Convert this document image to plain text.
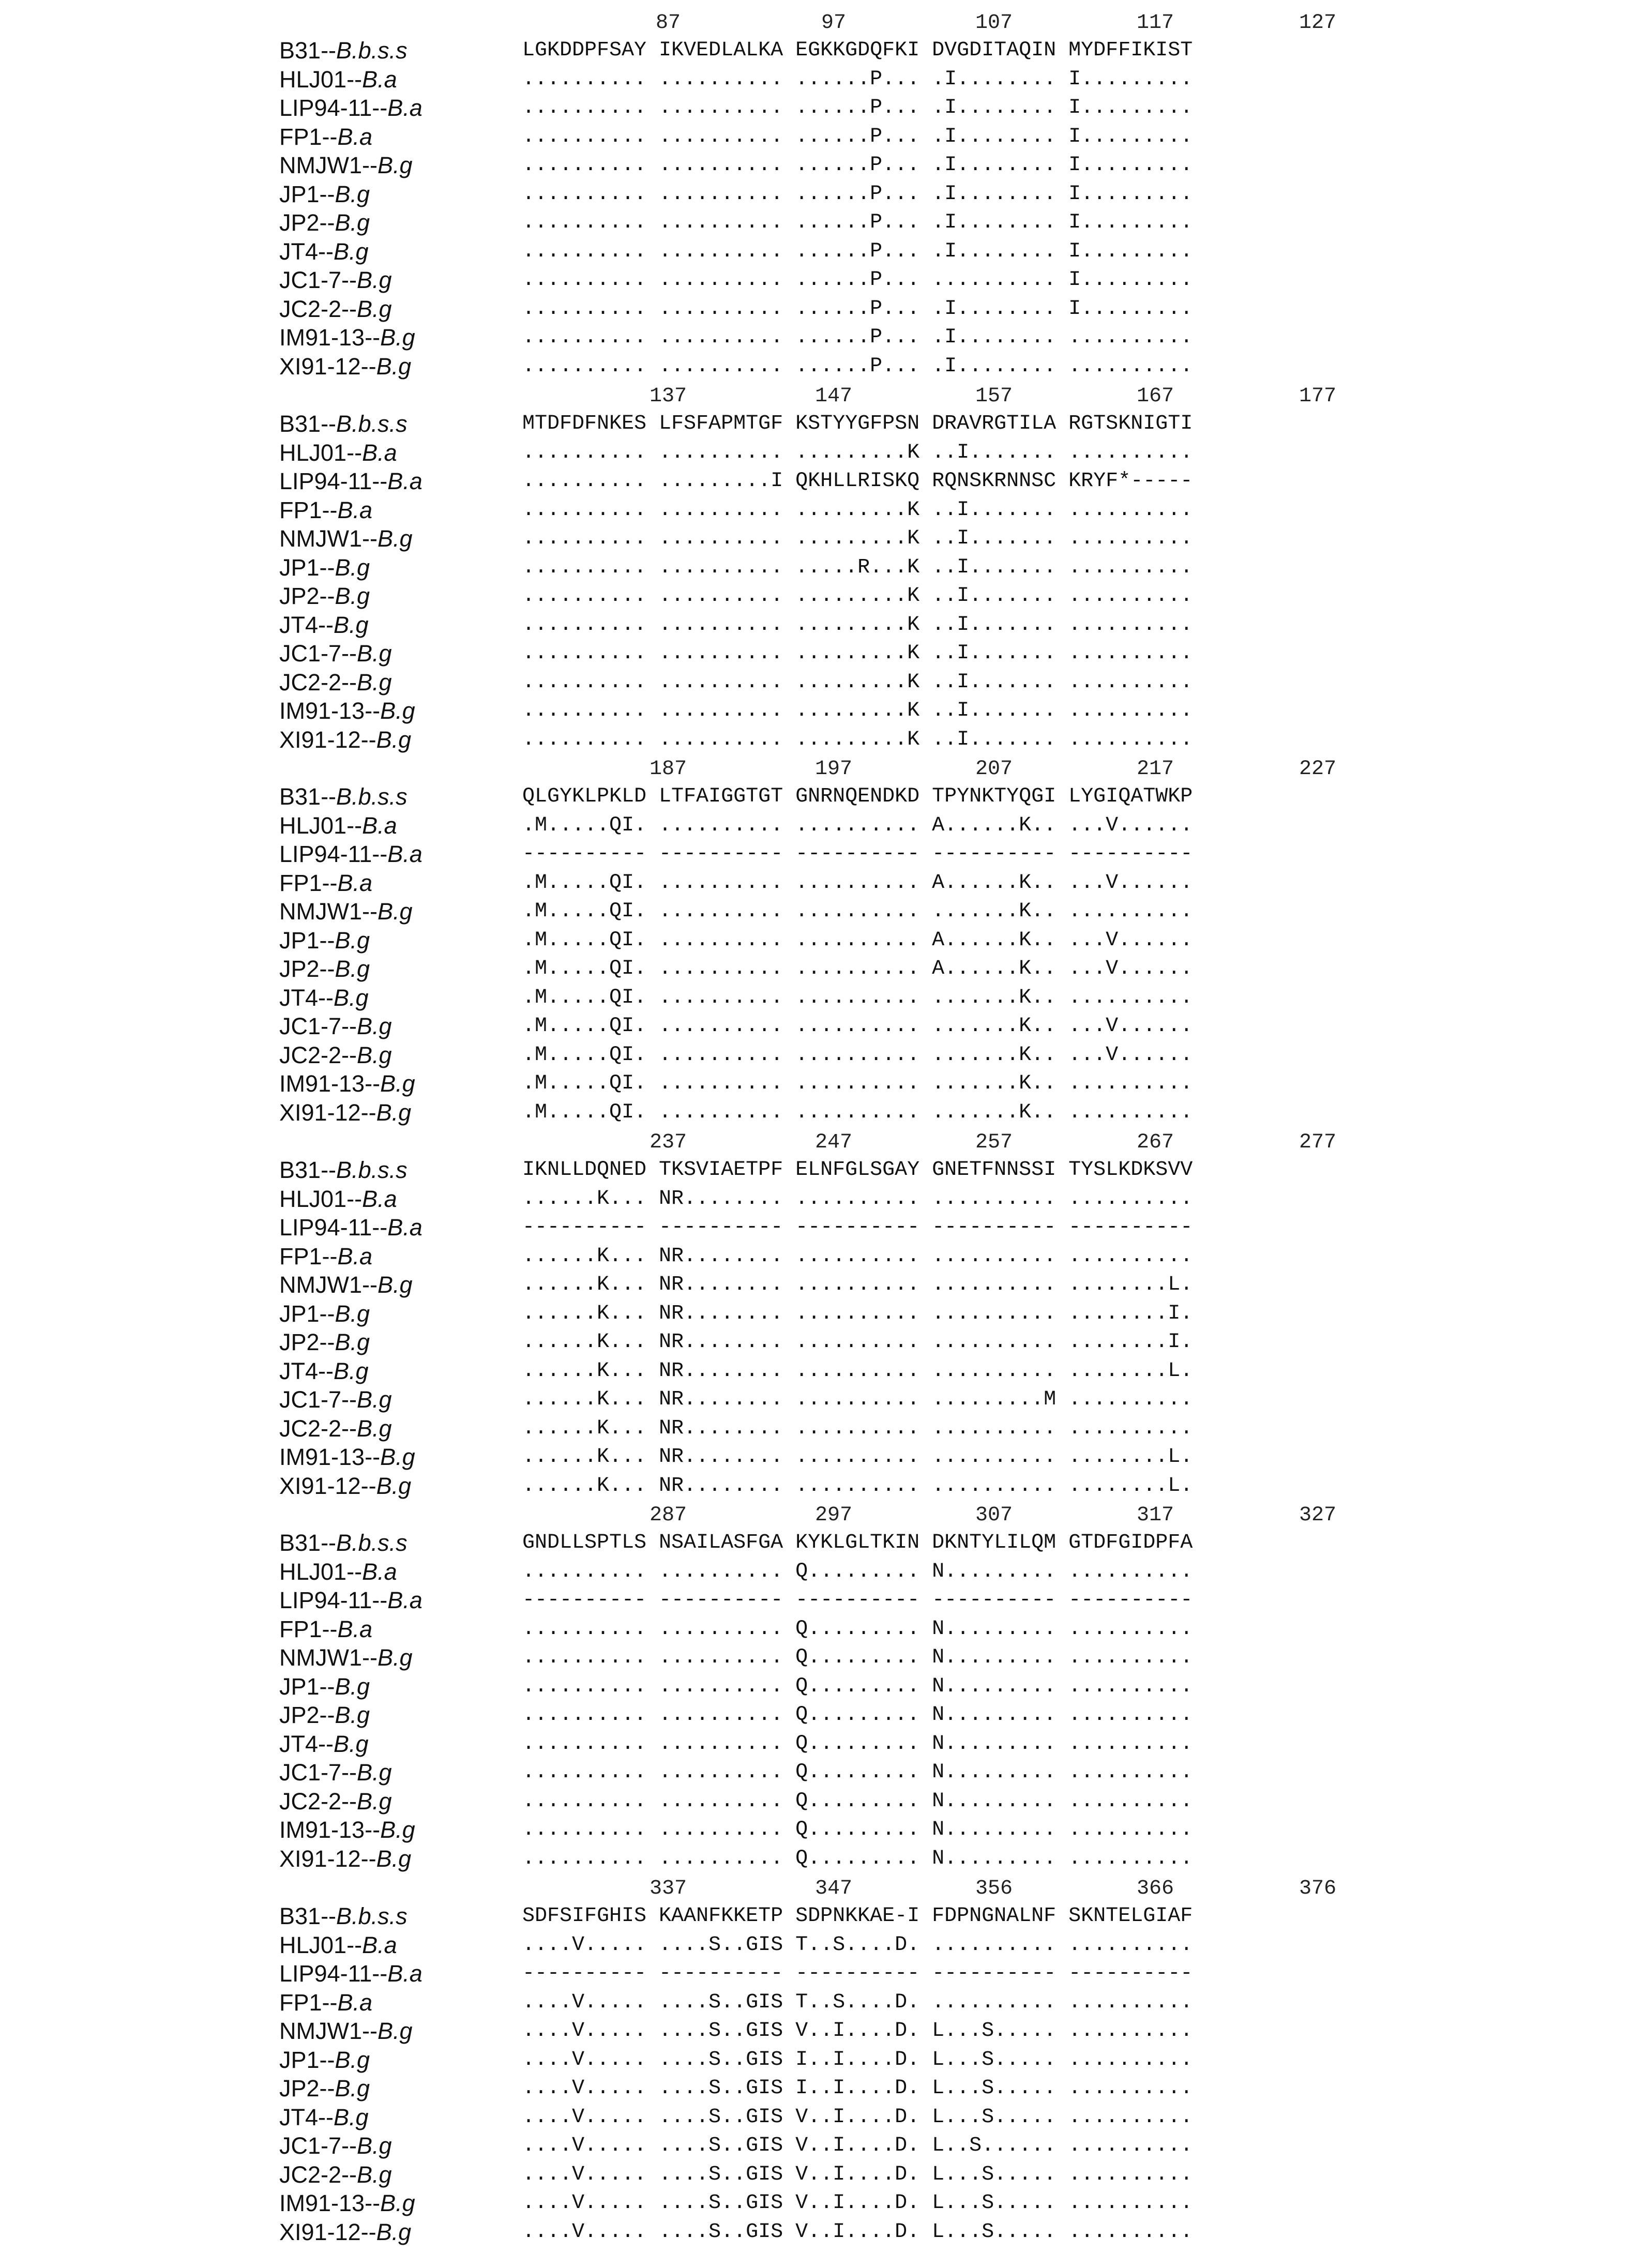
87	97	107	117	127
B31--B.b.s.s	LGKDDPFSAY IKVEDLALKA EGKKGDQFKI DVGDITAQIN MYDFFIKIST
HLJ01--B.a	.......... .......... ......P... .I........ I.........
LIP94-11--B.a	.......... .......... ......P... .I........ I.........
FP1--B.a	.......... .......... ......P... .I........ I.........
NMJW1--B.g	.......... .......... ......P... .I........ I.........
JP1--B.g	.......... .......... ......P... .I........ I.........
JP2--B.g	.......... .......... ......P... .I........ I.........
JT4--B.g	.......... .......... ......P... .I........ I.........
JC1-7--B.g	.......... .......... ......P... .......... I.........
JC2-2--B.g	.......... .......... ......P... .I........ I.........
IM91-13--B.g	.......... .......... ......P... .I........ ..........
XI91-12--B.g	.......... .......... ......P... .I........ ..........
137	147	157	167	177
B31--B.b.s.s	MTDFDFNKES LFSFAPMTGF KSTYYGFPSN DRAVRGTILA RGTSKNIGTI
HLJ01--B.a	.......... .......... .........K ..I....... ..........
LIP94-11--B.a	.......... .........I QKHLLRISKQ RQNSKRNNSC KRYF*-----
FP1--B.a	.......... .......... .........K ..I....... ..........
NMJW1--B.g	.......... .......... .........K ..I....... ..........
JP1--B.g	.......... .......... .....R...K ..I....... ..........
JP2--B.g	.......... .......... .........K ..I....... ..........
JT4--B.g	.......... .......... .........K ..I....... ..........
JC1-7--B.g	.......... .......... .........K ..I....... ..........
JC2-2--B.g	.......... .......... .........K ..I....... ..........
IM91-13--B.g	.......... .......... .........K ..I....... ..........
XI91-12--B.g	.......... .......... .........K ..I....... ..........
187	197	207	217	227
B31--B.b.s.s	QLGYKLPKLD LTFAIGGTGT GNRNQENDKD TPYNKTYQGI LYGIQATWKP
HLJ01--B.a	.M.....QI. .......... .......... A......K.. ...V......
LIP94-11--B.a	---------- ---------- ---------- ---------- ----------
FP1--B.a	.M.....QI. .......... .......... A......K.. ...V......
NMJW1--B.g	.M.....QI. .......... .......... .......K.. ..........
JP1--B.g	.M.....QI. .......... .......... A......K.. ...V......
JP2--B.g	.M.....QI. .......... .......... A......K.. ...V......
JT4--B.g	.M.....QI. .......... .......... .......K.. ..........
JC1-7--B.g	.M.....QI. .......... .......... .......K.. ...V......
JC2-2--B.g	.M.....QI. .......... .......... .......K.. ...V......
IM91-13--B.g	.M.....QI. .......... .......... .......K.. ..........
XI91-12--B.g	.M.....QI. .......... .......... .......K.. ..........
237	247	257	267	277
B31--B.b.s.s	IKNLLDQNED TKSVIAETPF ELNFGLSGAY GNETFNNSSI TYSLKDKSVV
HLJ01--B.a	......K... NR........ .......... .......... ..........
LIP94-11--B.a	---------- ---------- ---------- ---------- ----------
FP1--B.a	......K... NR........ .......... .......... ..........
NMJW1--B.g	......K... NR........ .......... .......... ........L.
JP1--B.g	......K... NR........ .......... .......... ........I.
JP2--B.g	......K... NR........ .......... .......... ........I.
JT4--B.g	......K... NR........ .......... .......... ........L.
JC1-7--B.g	......K... NR........ .......... .........M ..........
JC2-2--B.g	......K... NR........ .......... .......... ..........
IM91-13--B.g	......K... NR........ .......... .......... ........L.
XI91-12--B.g	......K... NR........ .......... .......... ........L.
287	297	307	317	327
B31--B.b.s.s	GNDLLSPTLS NSAILASFGA KYKLGLTKIN DKNTYLILQM GTDFGIDPFA
HLJ01--B.a	.......... .......... Q......... N......... ..........
LIP94-11--B.a	---------- ---------- ---------- ---------- ----------
FP1--B.a	.......... .......... Q......... N......... ..........
NMJW1--B.g	.......... .......... Q......... N......... ..........
JP1--B.g	.......... .......... Q......... N......... ..........
JP2--B.g	.......... .......... Q......... N......... ..........
JT4--B.g	.......... .......... Q......... N......... ..........
JC1-7--B.g	.......... .......... Q......... N......... ..........
JC2-2--B.g	.......... .......... Q......... N......... ..........
IM91-13--B.g	.......... .......... Q......... N......... ..........
XI91-12--B.g	.......... .......... Q......... N......... ..........
337	347	356	366	376
B31--B.b.s.s	SDFSIFGHIS KAANFKKETP SDPNKKAE-I FDPNGNALNF SKNTELGIAF
HLJ01--B.a	....V..... ....S..GIS T..S....D. .......... ..........
LIP94-11--B.a	---------- ---------- ---------- ---------- ----------
FP1--B.a	....V..... ....S..GIS T..S....D. .......... ..........
NMJW1--B.g	....V..... ....S..GIS V..I....D. L...S..... ..........
JP1--B.g	....V..... ....S..GIS I..I....D. L...S..... ..........
JP2--B.g	....V..... ....S..GIS I..I....D. L...S..... ..........
JT4--B.g	....V..... ....S..GIS V..I....D. L...S..... ..........
JC1-7--B.g	....V..... ....S..GIS V..I....D. L..S...... ..........
JC2-2--B.g	....V..... ....S..GIS V..I....D. L...S..... ..........
IM91-13--B.g	....V..... ....S..GIS V..I....D. L...S..... ..........
XI91-12--B.g	....V..... ....S..GIS V..I....D. L...S..... ..........
